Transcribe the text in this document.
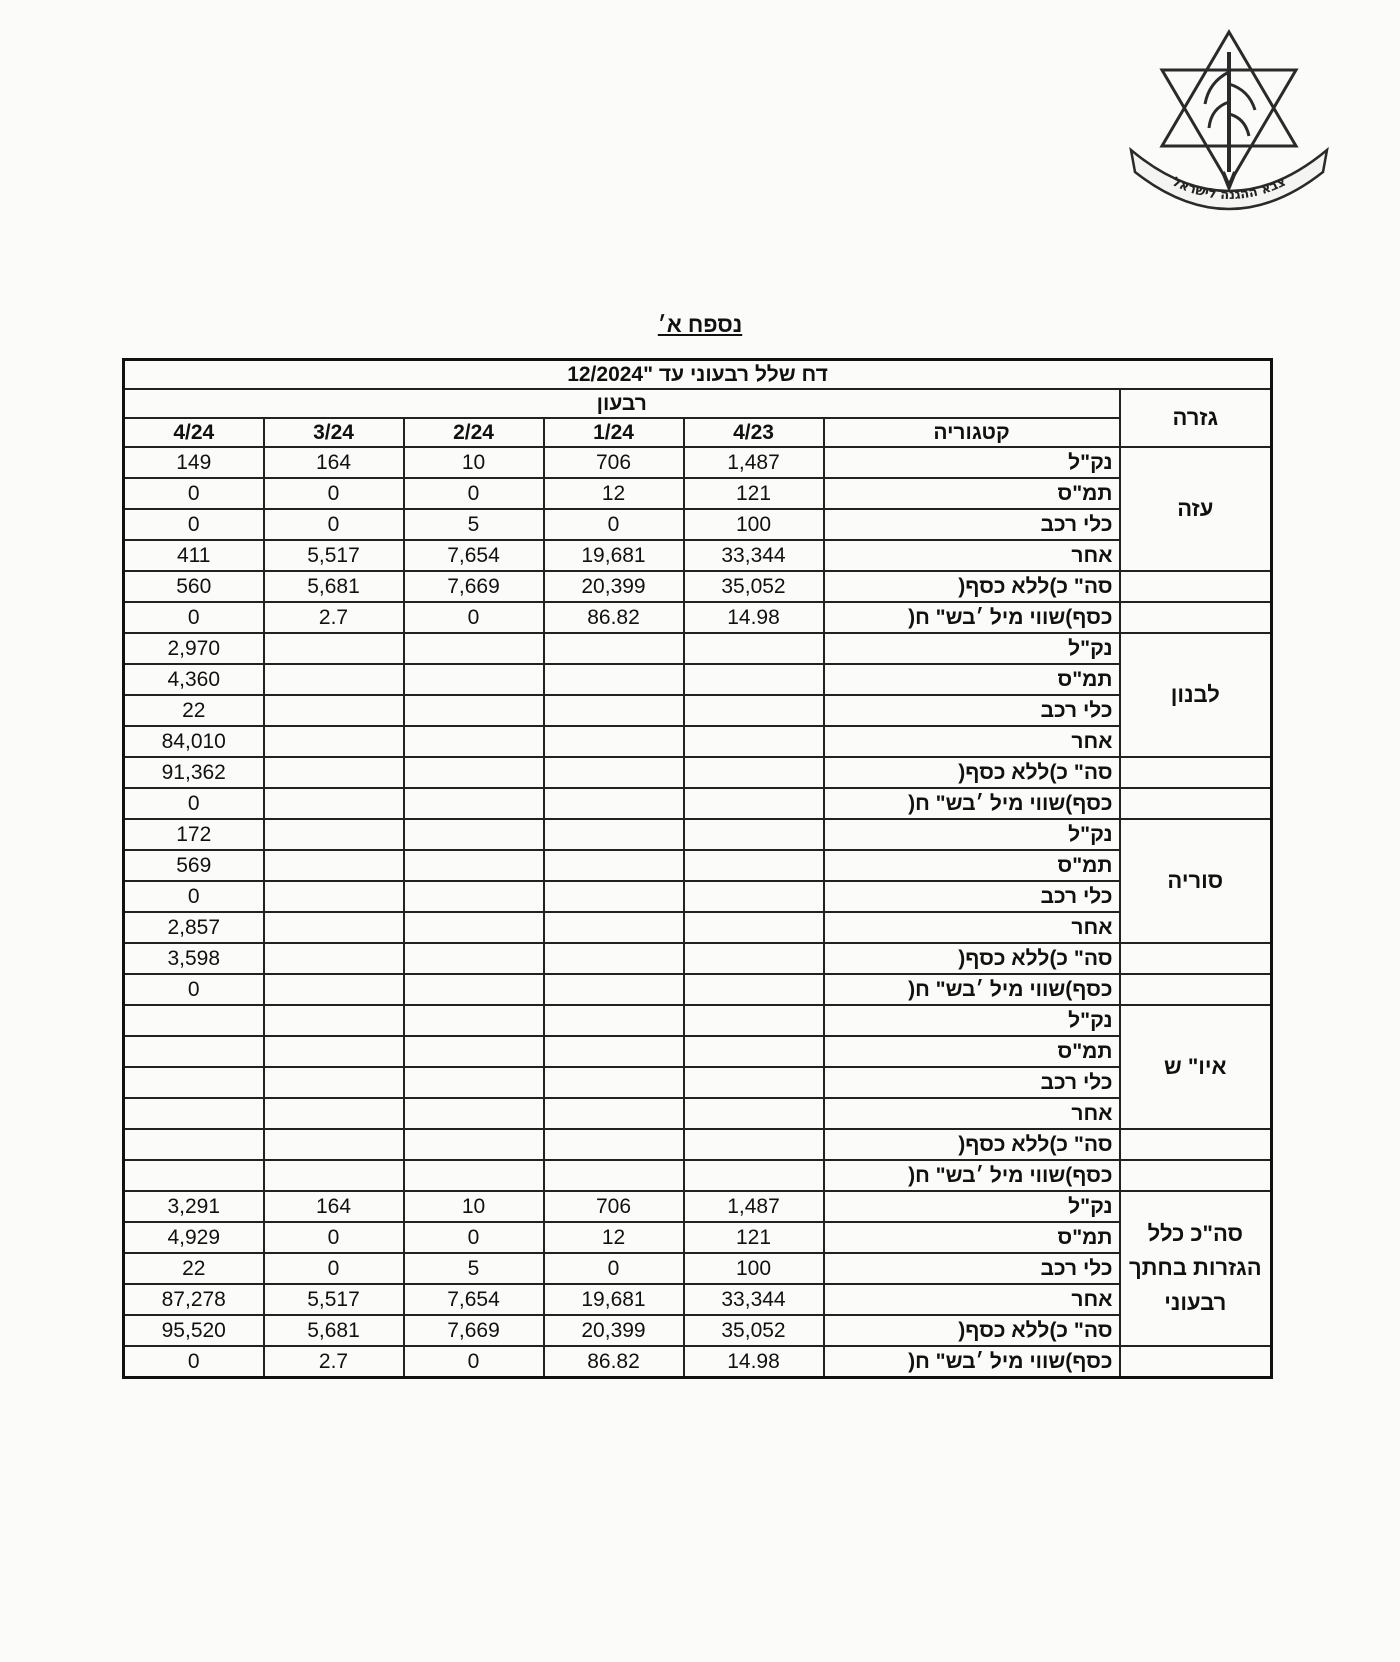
צבא ההגנה לישראל
נספח א׳
דח שלל רבעוני עד "12/2024						
רבעון						גזרה
4/24	3/24	2/24	1/24	4/23	קטגוריה	
149	164	10	706	1,487	נק"ל	עזה
0	0	0	12	121	תמ"ס	
0	0	5	0	100	כלי רכב	
411	5,517	7,654	19,681	33,344	אחר	
560	5,681	7,669	20,399	35,052	סה" כ)ללא כסף(	
0	2.7	0	86.82	14.98	כסף)שווי מיל ׳בש" ח(	
2,970					נק"ל	לבנון
4,360					תמ"ס	
22					כלי רכב	
84,010					אחר	
91,362					סה" כ)ללא כסף(	
0					כסף)שווי מיל ׳בש" ח(	
172					נק"ל	סוריה
569					תמ"ס	
0					כלי רכב	
2,857					אחר	
3,598					סה" כ)ללא כסף(	
0					כסף)שווי מיל ׳בש" ח(	
					נק"ל	איו" ש
					תמ"ס	
					כלי רכב	
					אחר	
					סה" כ)ללא כסף(	
					כסף)שווי מיל ׳בש" ח(	
3,291	164	10	706	1,487	נק"ל	סה"כ כלל הגזרות בחתך רבעוני
4,929	0	0	12	121	תמ"ס	
22	0	5	0	100	כלי רכב	
87,278	5,517	7,654	19,681	33,344	אחר	
95,520	5,681	7,669	20,399	35,052	סה" כ)ללא כסף(	
0	2.7	0	86.82	14.98	כסף)שווי מיל ׳בש" ח(	
